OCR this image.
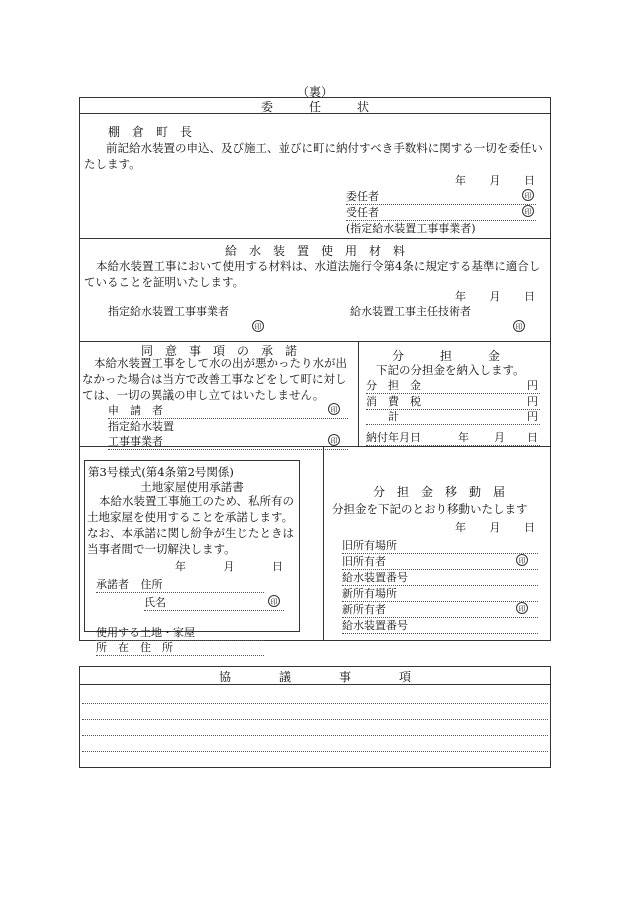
（裏）
委　　　任　　　状
棚　倉　町　長
前記給水装置の申込、及び施工、並びに町に納付すべき手数料に関する一切を委任いたします。
年 月 日
委任者	印
受任者	印
(指定給水装置工事事業者)
給　水　装　置　使　用　材　料
本給水装置工事において使用する材料は、水道法施行令第4条に規定する基準に適合していることを証明いたします。
年 月 日
指定給水装置工事事業者	給水装置工事主任技術者
印	印
同　意　事　項　の　承　諾
本給水装置工事をして水の出が悪かったり水が出なかった場合は当方で改善工事などをして町に対しては、一切の異議の申し立てはいたしません。
申　請　者	印
指定給水装置
工事事業者	印
分　　　担　　　金
下記の分担金を納入します。
分　担　金	円
消　費　税	円
計	円
納付年月日	年 月 日
第3号様式(第4条第2号関係)
土地家屋使用承諾書
本給水装置工事施工のため、私所有の土地家屋を使用することを承諾します。なお、本承諾に関し紛争が生じたときは当事者間で一切解決します。
年	月	日
承諾者 住所
氏名	印
使用する土地・家屋
所　在　住　所
分　担　金　移　動　届
分担金を下記のとおり移動いたします
年 月 日
旧所有場所
旧所有者	印
給水装置番号
新所有場所
新所有者	印
給水装置番号
協　　　　議　　　　事　　　　項
